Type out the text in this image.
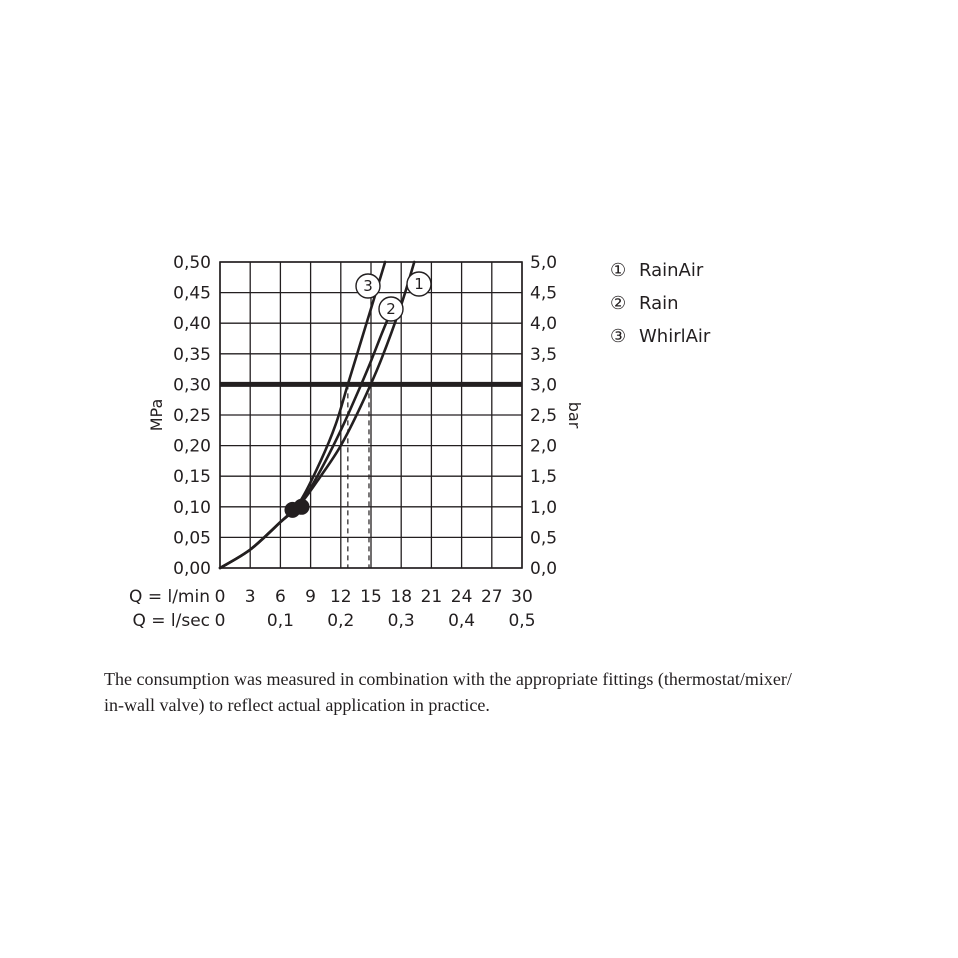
1
2
3
0,00
0,05
0,10
0,15
0,20
0,25
0,30
0,35
0,40
0,45
0,50
0,0
0,5
1,0
1,5
2,0
2,5
3,0
3,5
4,0
4,5
5,0
0 3 6 9 12 15 18 21 24 27 30
0 0,1 0,2 0,3 0,4 0,5
MPa	bar
Q = l/min
Q = l/sec
① RainAir
② Rain
③ WhirlAir

The consumption was measured in combination with the appropriate fittings (thermostat/mixer/
in-wall valve) to reflect actual application in practice.
